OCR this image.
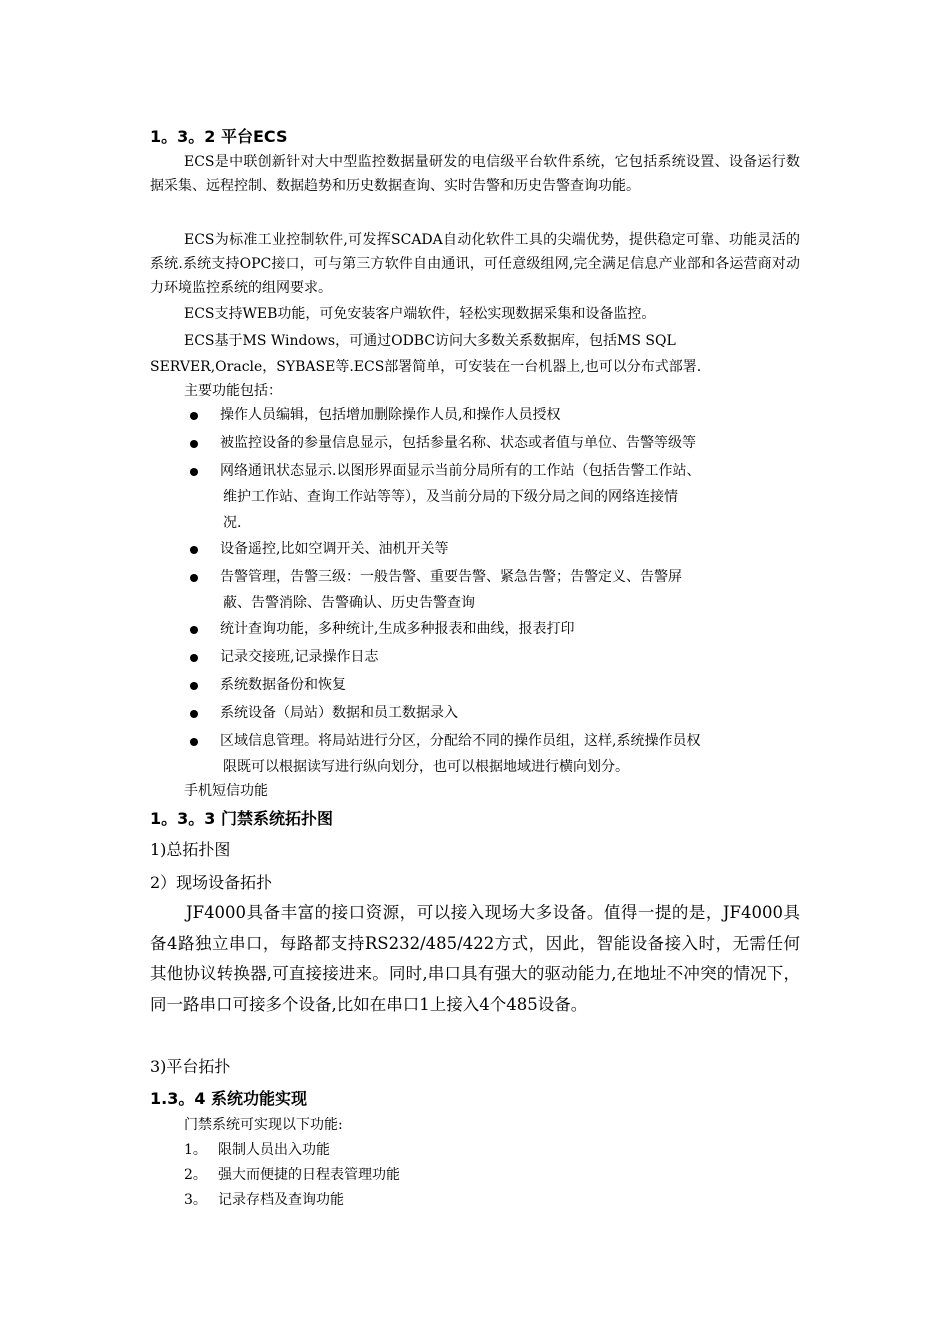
1。3。2 平台ECS
ECS是中联创新针对大中型监控数据量研发的电信级平台软件系统，它包括系统设置、设备运行数据采集、远程控制、数据趋势和历史数据查询、实时告警和历史告警查询功能。
ECS为标准工业控制软件,可发挥SCADA自动化软件工具的尖端优势，提供稳定可靠、功能灵活的系统.系统支持OPC接口，可与第三方软件自由通讯，可任意级组网,完全满足信息产业部和各运营商对动力环境监控系统的组网要求。
ECS支持WEB功能，可免安装客户端软件，轻松实现数据采集和设备监控。
ECS基于MS Windows，可通过ODBC访问大多数关系数据库，包括MS SQL
SERVER,Oracle，SYBASE等.ECS部署简单，可安装在一台机器上,也可以分布式部署.
主要功能包括：
操作人员编辑，包括增加删除操作人员,和操作人员授权
被监控设备的参量信息显示，包括参量名称、状态或者值与单位、告警等级等
网络通讯状态显示.以图形界面显示当前分局所有的工作站（包括告警工作站、
维护工作站、查询工作站等等），及当前分局的下级分局之间的网络连接情
况.
设备遥控,比如空调开关、油机开关等
告警管理，告警三级：一般告警、重要告警、紧急告警；告警定义、告警屏
蔽、告警消除、告警确认、历史告警查询
统计查询功能，多种统计,生成多种报表和曲线，报表打印
记录交接班,记录操作日志
系统数据备份和恢复
系统设备（局站）数据和员工数据录入
区域信息管理。将局站进行分区，分配给不同的操作员组，这样,系统操作员权
限既可以根据读写进行纵向划分，也可以根据地域进行横向划分。
手机短信功能
1。3。3 门禁系统拓扑图
1)总拓扑图
2）现场设备拓扑
JF4000具备丰富的接口资源，可以接入现场大多设备。值得一提的是，JF4000具备4路独立串口，每路都支持RS232/485/422方式，因此，智能设备接入时，无需任何其他协议转换器,可直接接进来。同时,串口具有强大的驱动能力,在地址不冲突的情况下，同一路串口可接多个设备,比如在串口1上接入4个485设备。
3)平台拓扑
1.3。4 系统功能实现
门禁系统可实现以下功能:
1。 限制人员出入功能
2。 强大而便捷的日程表管理功能
3。 记录存档及查询功能
